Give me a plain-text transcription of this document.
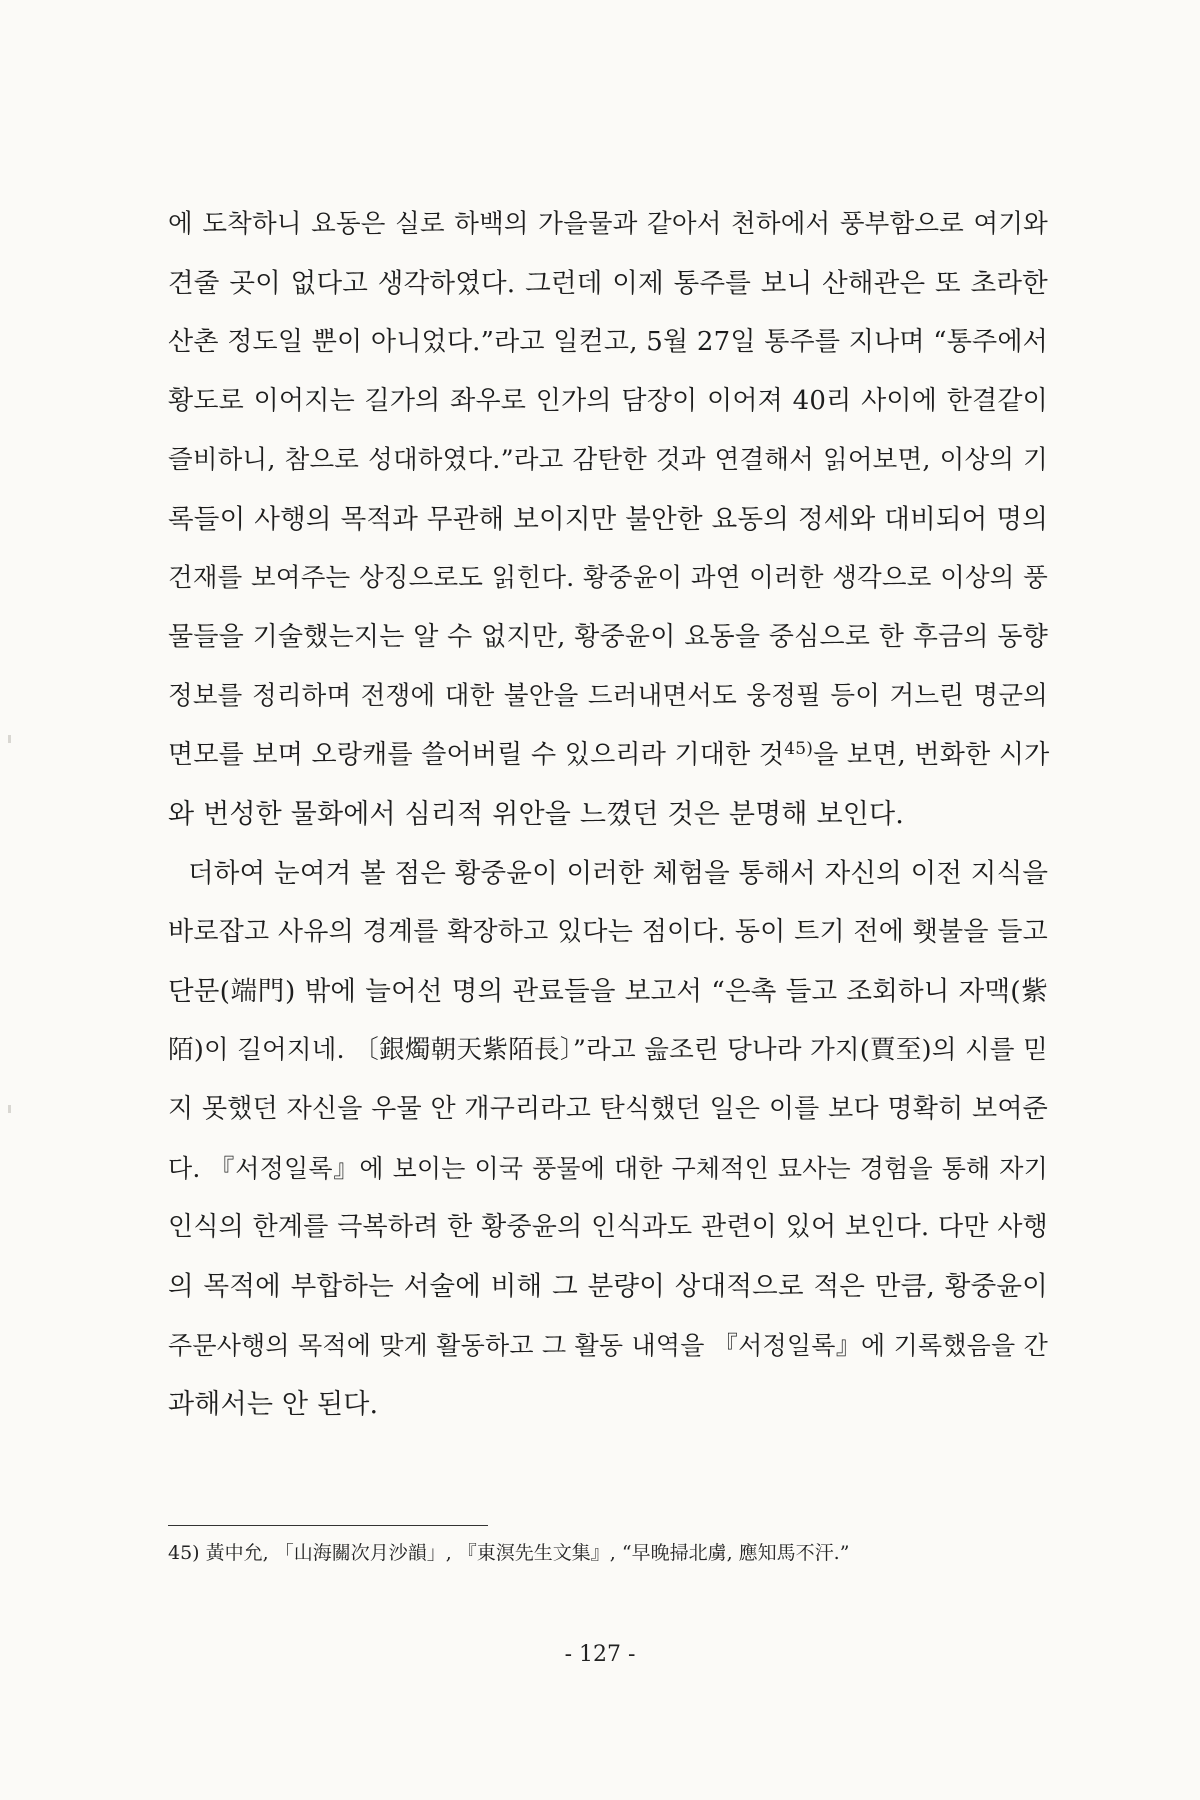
에 도착하니 요동은 실로 하백의 가을물과 같아서 천하에서 풍부함으로 여기와
견줄 곳이 없다고 생각하였다. 그런데 이제 통주를 보니 산해관은 또 초라한
산촌 정도일 뿐이 아니었다.”라고 일컫고, 5월 27일 통주를 지나며 “통주에서
황도로 이어지는 길가의 좌우로 인가의 담장이 이어져 40리 사이에 한결같이
즐비하니, 참으로 성대하였다.”라고 감탄한 것과 연결해서 읽어보면, 이상의 기
록들이 사행의 목적과 무관해 보이지만 불안한 요동의 정세와 대비되어 명의
건재를 보여주는 상징으로도 읽힌다. 황중윤이 과연 이러한 생각으로 이상의 풍
물들을 기술했는지는 알 수 없지만, 황중윤이 요동을 중심으로 한 후금의 동향
정보를 정리하며 전쟁에 대한 불안을 드러내면서도 웅정필 등이 거느린 명군의
면모를 보며 오랑캐를 쓸어버릴 수 있으리라 기대한 것$^{45)}$을 보면, 번화한 시가
와 번성한 물화에서 심리적 위안을 느꼈던 것은 분명해 보인다.
더하여 눈여겨 볼 점은 황중윤이 이러한 체험을 통해서 자신의 이전 지식을
바로잡고 사유의 경계를 확장하고 있다는 점이다. 동이 트기 전에 횃불을 들고
단문(端門) 밖에 늘어선 명의 관료들을 보고서 “은촉 들고 조회하니 자맥(紫
陌)이 길어지네. 〔銀燭朝天紫陌長〕”라고 읊조린 당나라 가지(賈至)의 시를 믿
지 못했던 자신을 우물 안 개구리라고 탄식했던 일은 이를 보다 명확히 보여준
다. 『서정일록』에 보이는 이국 풍물에 대한 구체적인 묘사는 경험을 통해 자기
인식의 한계를 극복하려 한 황중윤의 인식과도 관련이 있어 보인다. 다만 사행
의 목적에 부합하는 서술에 비해 그 분량이 상대적으로 적은 만큼, 황중윤이
주문사행의 목적에 맞게 활동하고 그 활동 내역을 『서정일록』에 기록했음을 간
과해서는 안 된다.
45) 黃中允, 「山海關次月沙韻」, 『東溟先生文集』, “早晚掃北虜, 應知馬不汗.”
- 127 -
